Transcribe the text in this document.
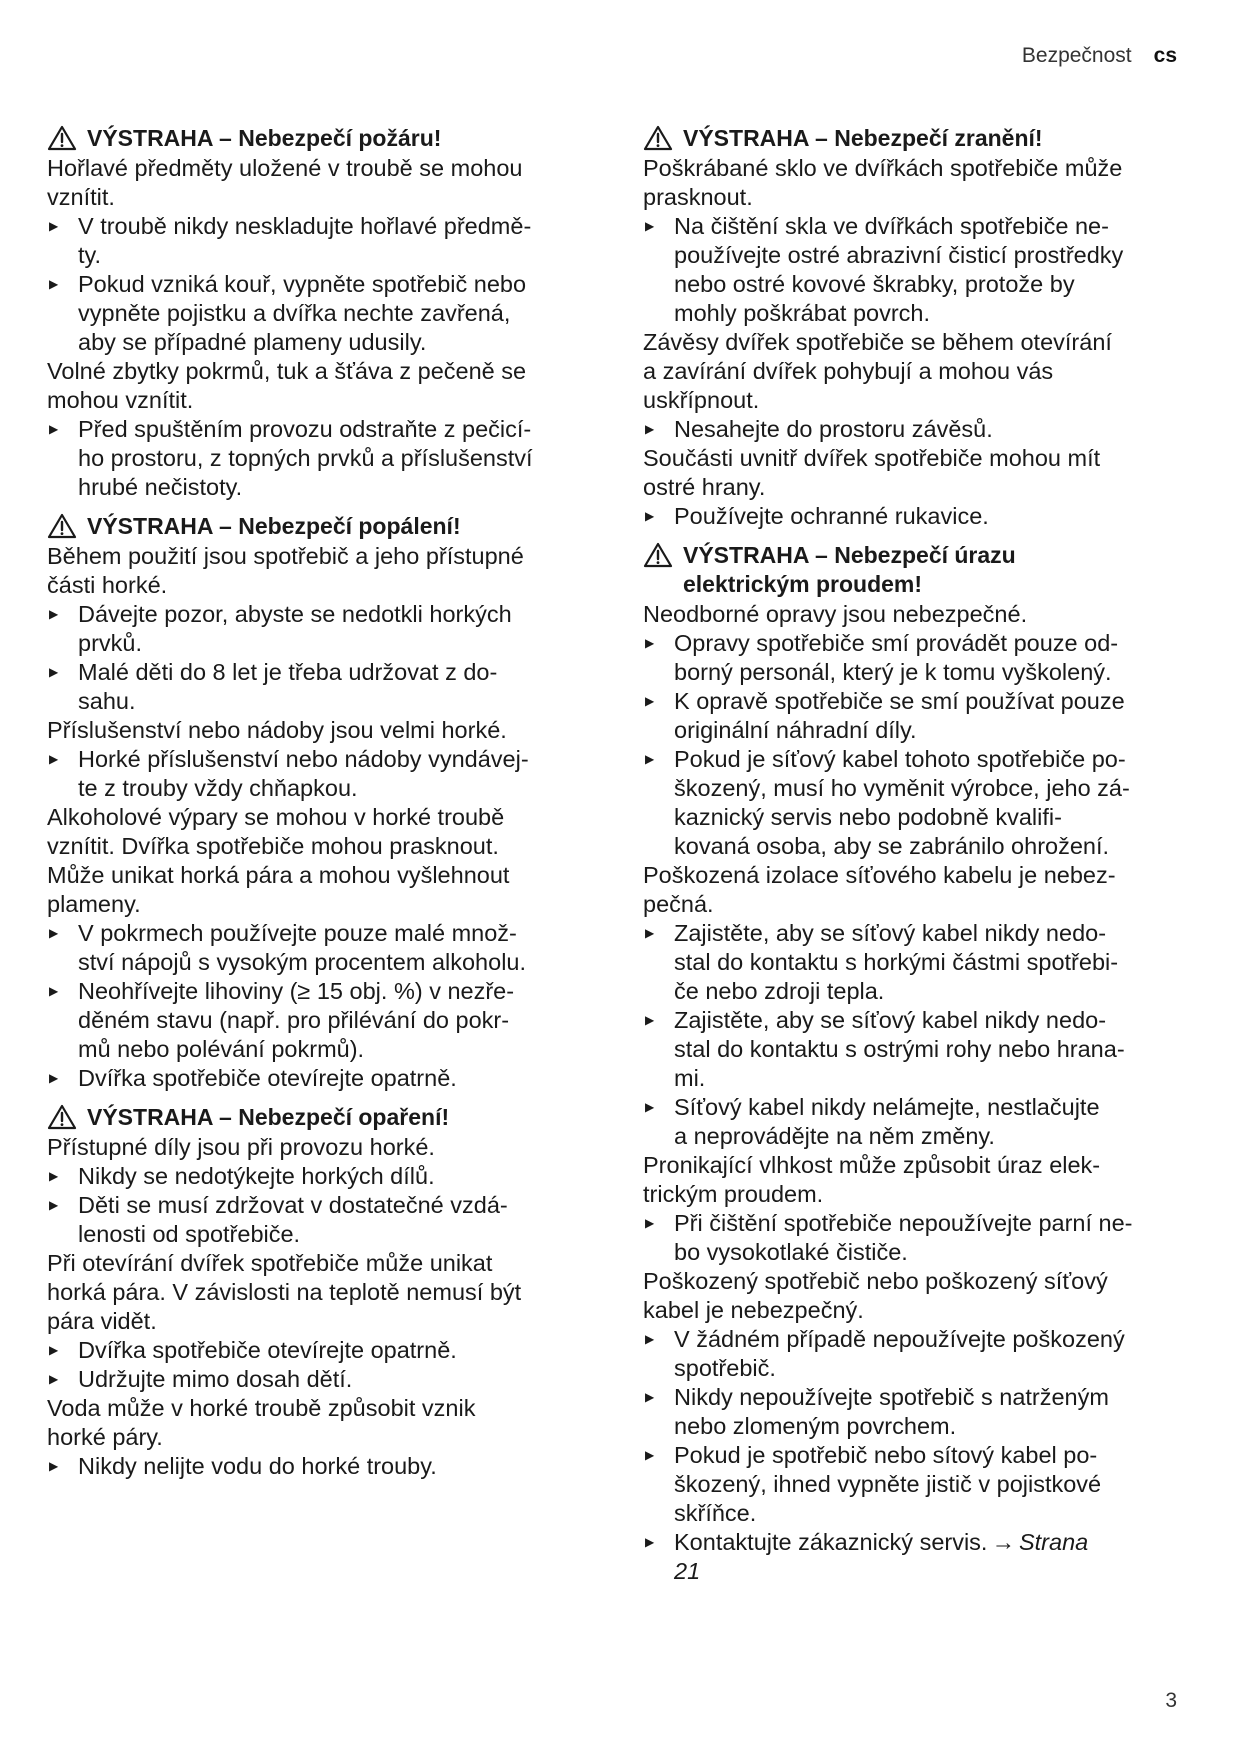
Bezpečnost cs
VÝSTRAHA – Nebezpečí požáru!
Hořlavé předměty uložené v troubě se mohou
vznítit.
▶ V troubě nikdy neskladujte hořlavé předmě-
ty.
▶ Pokud vzniká kouř, vypněte spotřebič nebo
vypněte pojistku a dvířka nechte zavřená,
aby se případné plameny udusily.
Volné zbytky pokrmů, tuk a šťáva z pečeně se
mohou vznítit.
▶ Před spuštěním provozu odstraňte z pečicí-
ho prostoru, z topných prvků a příslušenství
hrubé nečistoty.
VÝSTRAHA – Nebezpečí popálení!
Během použití jsou spotřebič a jeho přístupné
části horké.
▶ Dávejte pozor, abyste se nedotkli horkých
prvků.
▶ Malé děti do 8 let je třeba udržovat z do-
sahu.
Příslušenství nebo nádoby jsou velmi horké.
▶ Horké příslušenství nebo nádoby vyndávej-
te z trouby vždy chňapkou.
Alkoholové výpary se mohou v horké troubě
vznítit. Dvířka spotřebiče mohou prasknout.
Může unikat horká pára a mohou vyšlehnout
plameny.
▶ V pokrmech používejte pouze malé množ-
ství nápojů s vysokým procentem alkoholu.
▶ Neohřívejte lihoviny (≥ 15 obj. %) v nezře-
děném stavu (např. pro přilévání do pokr-
mů nebo polévání pokrmů).
▶ Dvířka spotřebiče otevírejte opatrně.
VÝSTRAHA – Nebezpečí opaření!
Přístupné díly jsou při provozu horké.
▶ Nikdy se nedotýkejte horkých dílů.
▶ Děti se musí zdržovat v dostatečné vzdá-
lenosti od spotřebiče.
Při otevírání dvířek spotřebiče může unikat
horká pára. V závislosti na teplotě nemusí být
pára vidět.
▶ Dvířka spotřebiče otevírejte opatrně.
▶ Udržujte mimo dosah dětí.
Voda může v horké troubě způsobit vznik
horké páry.
▶ Nikdy nelijte vodu do horké trouby.
VÝSTRAHA – Nebezpečí zranění!
Poškrábané sklo ve dvířkách spotřebiče může
prasknout.
▶ Na čištění skla ve dvířkách spotřebiče ne-
používejte ostré abrazivní čisticí prostředky
nebo ostré kovové škrabky, protože by
mohly poškrábat povrch.
Závěsy dvířek spotřebiče se během otevírání
a zavírání dvířek pohybují a mohou vás
uskřípnout.
▶ Nesahejte do prostoru závěsů.
Součásti uvnitř dvířek spotřebiče mohou mít
ostré hrany.
▶ Používejte ochranné rukavice.
VÝSTRAHA – Nebezpečí úrazu
elektrickým proudem!
Neodborné opravy jsou nebezpečné.
▶ Opravy spotřebiče smí provádět pouze od-
borný personál, který je k tomu vyškolený.
▶ K opravě spotřebiče se smí používat pouze
originální náhradní díly.
▶ Pokud je síťový kabel tohoto spotřebiče po-
škozený, musí ho vyměnit výrobce, jeho zá-
kaznický servis nebo podobně kvalifi-
kovaná osoba, aby se zabránilo ohrožení.
Poškozená izolace síťového kabelu je nebez-
pečná.
▶ Zajistěte, aby se síťový kabel nikdy nedo-
stal do kontaktu s horkými částmi spotřebi-
če nebo zdroji tepla.
▶ Zajistěte, aby se síťový kabel nikdy nedo-
stal do kontaktu s ostrými rohy nebo hrana-
mi.
▶ Síťový kabel nikdy nelámejte, nestlačujte
a neprovádějte na něm změny.
Pronikající vlhkost může způsobit úraz elek-
trickým proudem.
▶ Při čištění spotřebiče nepoužívejte parní ne-
bo vysokotlaké čističe.
Poškozený spotřebič nebo poškozený síťový
kabel je nebezpečný.
▶ V žádném případě nepoužívejte poškozený
spotřebič.
▶ Nikdy nepoužívejte spotřebič s natrženým
nebo zlomeným povrchem.
▶ Pokud je spotřebič nebo sítový kabel po-
škozený, ihned vypněte jistič v pojistkové
skříňce.
▶ Kontaktujte zákaznický servis. → Strana
21
3
